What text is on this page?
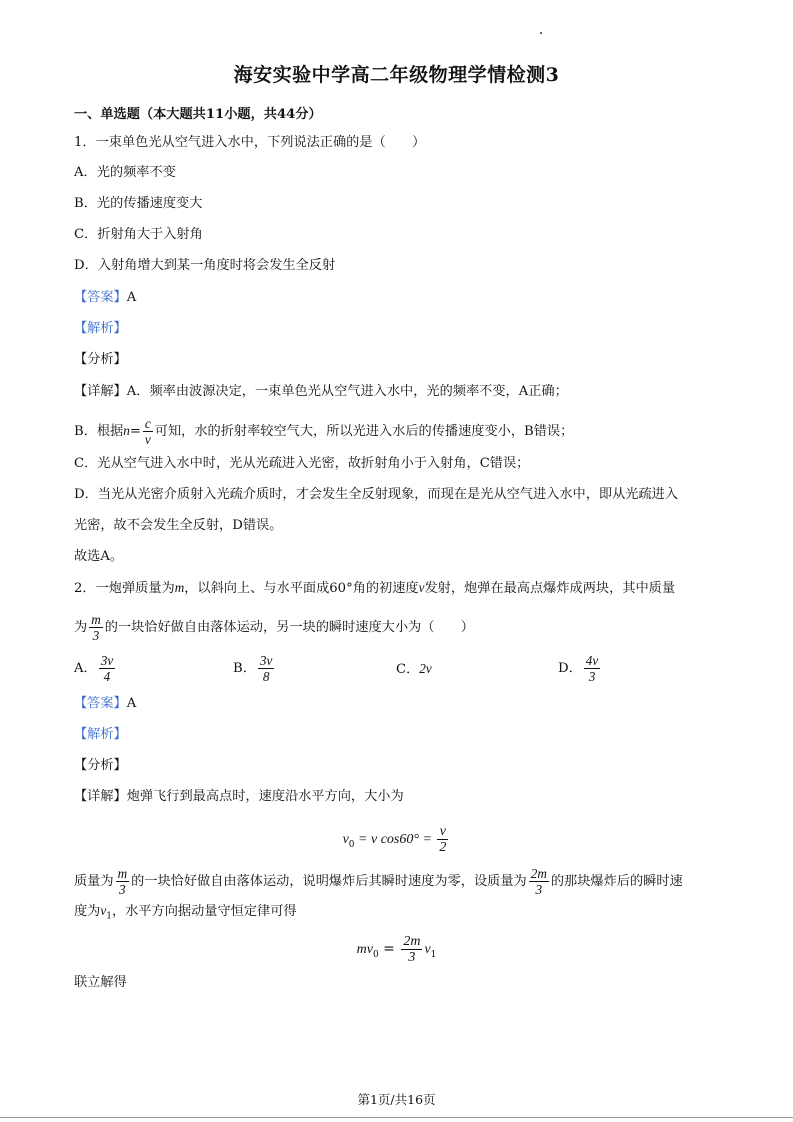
海安实验中学高二年级物理学情检测3
一、单选题（本大题共11小题，共44分）
1．一束单色光从空气进入水中，下列说法正确的是（　　）
A．光的频率不变
B．光的传播速度变大
C．折射角大于入射角
D．入射角增大到某一角度时将会发生全反射
【答案】A
【解析】
【分析】
【详解】A．频率由波源决定，一束单色光从空气进入水中，光的频率不变，A正确；
B．根据$n= \frac{c}{v}$ 可知，水的折射率较空气大，所以光进入水后的传播速度变小，B错误；
C．光从空气进入水中时，光从光疏进入光密，故折射角小于入射角，C错误；
D．当光从光密介质射入光疏介质时，才会发生全反射现象，而现在是光从空气进入水中，即从光疏进入
光密，故不会发生全反射，D错误。
故选A。
2．一炮弹质量为m，以斜向上、与水平面成60°角的初速度v发射，炮弹在最高点爆炸成两块，其中质量
为 $\frac{m}{3}$ 的一块恰好做自由落体运动，另一块的瞬时速度大小为（　　）
A． $\frac{3v}{4}$	B． $\frac{3v}{8}$	C．2v	D． $\frac{4v}{3}$
【答案】A
【解析】
【分析】
【详解】炮弹飞行到最高点时，速度沿水平方向，大小为
$v_0 = v$ $\cos 60^\circ = \frac{v}{2}$
质量为 $\frac{m}{3}$ 的一块恰好做自由落体运动，说明爆炸后其瞬时速度为零，设质量为 $\frac{2m}{3}$ 的那块爆炸后的瞬时速
度为$v_1$，水平方向据动量守恒定律可得
$mv_0 = \frac{2m}{3} v_1$
联立解得
第1页/共16页
